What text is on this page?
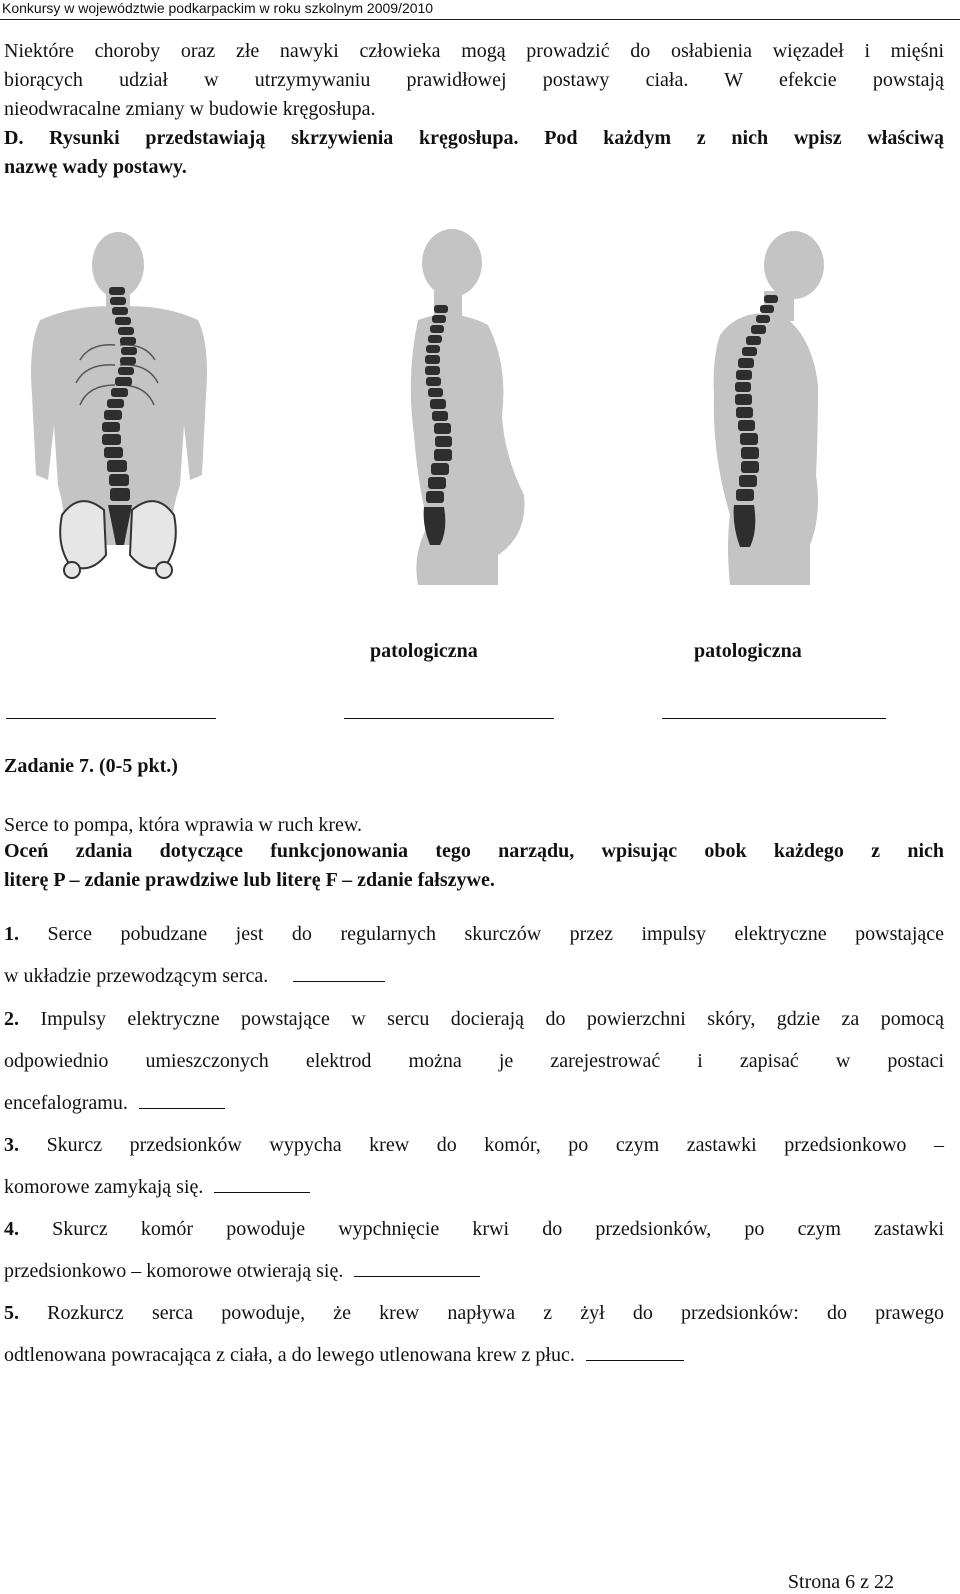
Konkursy w województwie podkarpackim w roku szkolnym 2009/2010
Niektóre choroby oraz złe nawyki człowieka mogą prowadzić do osłabienia więzadeł i mięśni
biorących udział w utrzymywaniu prawidłowej postawy ciała. W efekcie powstają
nieodwracalne zmiany w budowie kręgosłupa.
D. Rysunki przedstawiają skrzywienia kręgosłupa. Pod każdym z nich wpisz właściwą
nazwę wady postawy.
patologiczna	patologiczna
Zadanie 7. (0-5 pkt.)
Serce to pompa, która wprawia w ruch krew.
Oceń zdania dotyczące funkcjonowania tego narządu, wpisując obok każdego z nich
literę P – zdanie prawdziwe lub literę F – zdanie fałszywe.
1. Serce pobudzane jest do regularnych skurczów przez impulsy elektryczne powstające
w układzie przewodzącym serca.
2. Impulsy elektryczne powstające w sercu docierają do powierzchni skóry, gdzie za pomocą
odpowiednio umieszczonych elektrod można je zarejestrować i zapisać w postaci
encefalogramu.
3. Skurcz przedsionków wypycha krew do komór, po czym zastawki przedsionkowo –
komorowe zamykają się.
4. Skurcz komór powoduje wypchnięcie krwi do przedsionków, po czym zastawki
przedsionkowo – komorowe otwierają się.
5. Rozkurcz serca powoduje, że krew napływa z żył do przedsionków: do prawego
odtlenowana powracająca z ciała, a do lewego utlenowana krew z płuc.
Strona 6 z 22
